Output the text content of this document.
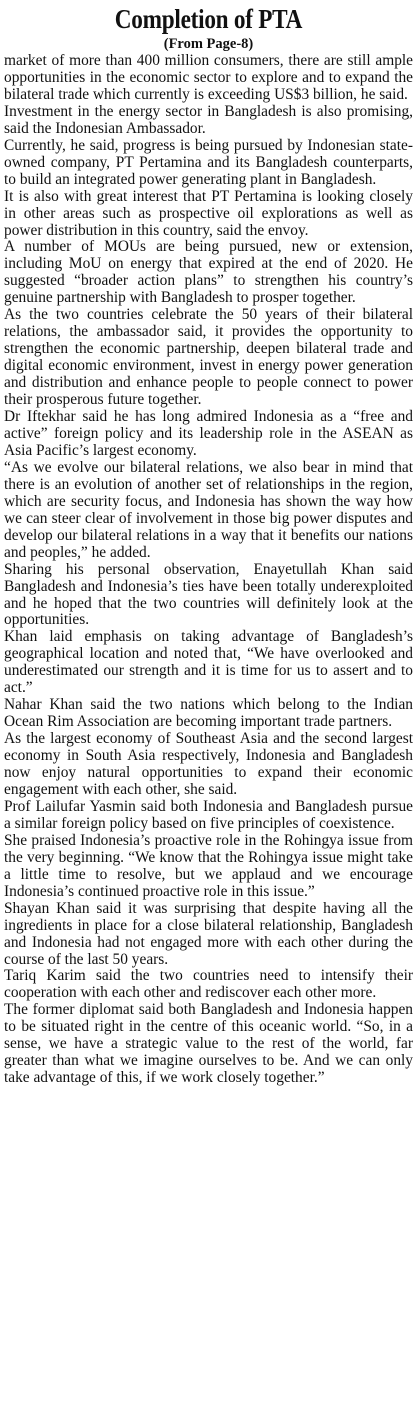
Completion of PTA
(From Page-8)

market of more than 400 million consumers, there are still ample opportunities in the economic sector to explore and to expand the bilateral trade which currently is exceeding US$3 billion, he said.

Investment in the energy sector in Bangladesh is also promising, said the Indonesian Ambassador.

Currently, he said, progress is being pursued by Indonesian state-owned company, PT Pertamina and its Bangladesh counterparts, to build an integrated power generating plant in Bangladesh.

It is also with great interest that PT Pertamina is looking closely in other areas such as prospective oil explorations as well as power distribution in this country, said the envoy.

A number of MOUs are being pursued, new or extension, including MoU on energy that expired at the end of 2020. He suggested “broader action plans” to strengthen his country’s genuine partnership with Bangladesh to prosper together.

As the two countries celebrate the 50 years of their bilateral relations, the ambassador said, it provides the opportunity to strengthen the economic partnership, deepen bilateral trade and digital economic environment, invest in energy power generation and distribution and enhance people to people connect to power their prosperous future together.

Dr Iftekhar said he has long admired Indonesia as a “free and active” foreign policy and its leadership role in the ASEAN as Asia Pacific’s largest economy.

“As we evolve our bilateral relations, we also bear in mind that there is an evolution of another set of relationships in the region, which are security focus, and Indonesia has shown the way how we can steer clear of involvement in those big power disputes and develop our bilateral relations in a way that it benefits our nations and peoples,” he added.

Sharing his personal observation, Enayetullah Khan said Bangladesh and Indonesia’s ties have been totally underexploited and he hoped that the two countries will definitely look at the opportunities.

Khan laid emphasis on taking advantage of Bangladesh’s geographical location and noted that, “We have overlooked and underestimated our strength and it is time for us to assert and to act.”

Nahar Khan said the two nations which belong to the Indian Ocean Rim Association are becoming important trade partners.

As the largest economy of Southeast Asia and the second largest economy in South Asia respectively, Indonesia and Bangladesh now enjoy natural opportunities to expand their economic engagement with each other, she said.

Prof Lailufar Yasmin said both Indonesia and Bangladesh pursue a similar foreign policy based on five principles of coexistence.

She praised Indonesia’s proactive role in the Rohingya issue from the very beginning. “We know that the Rohingya issue might take a little time to resolve, but we applaud and we encourage Indonesia’s continued proactive role in this issue.”

Shayan Khan said it was surprising that despite having all the ingredients in place for a close bilateral relationship, Bangladesh and Indonesia had not engaged more with each other during the course of the last 50 years.

Tariq Karim said the two countries need to intensify their cooperation with each other and rediscover each other more.

The former diplomat said both Bangladesh and Indonesia happen to be situated right in the centre of this oceanic world. “So, in a sense, we have a strategic value to the rest of the world, far greater than what we imagine ourselves to be. And we can only take advantage of this, if we work closely together.”
